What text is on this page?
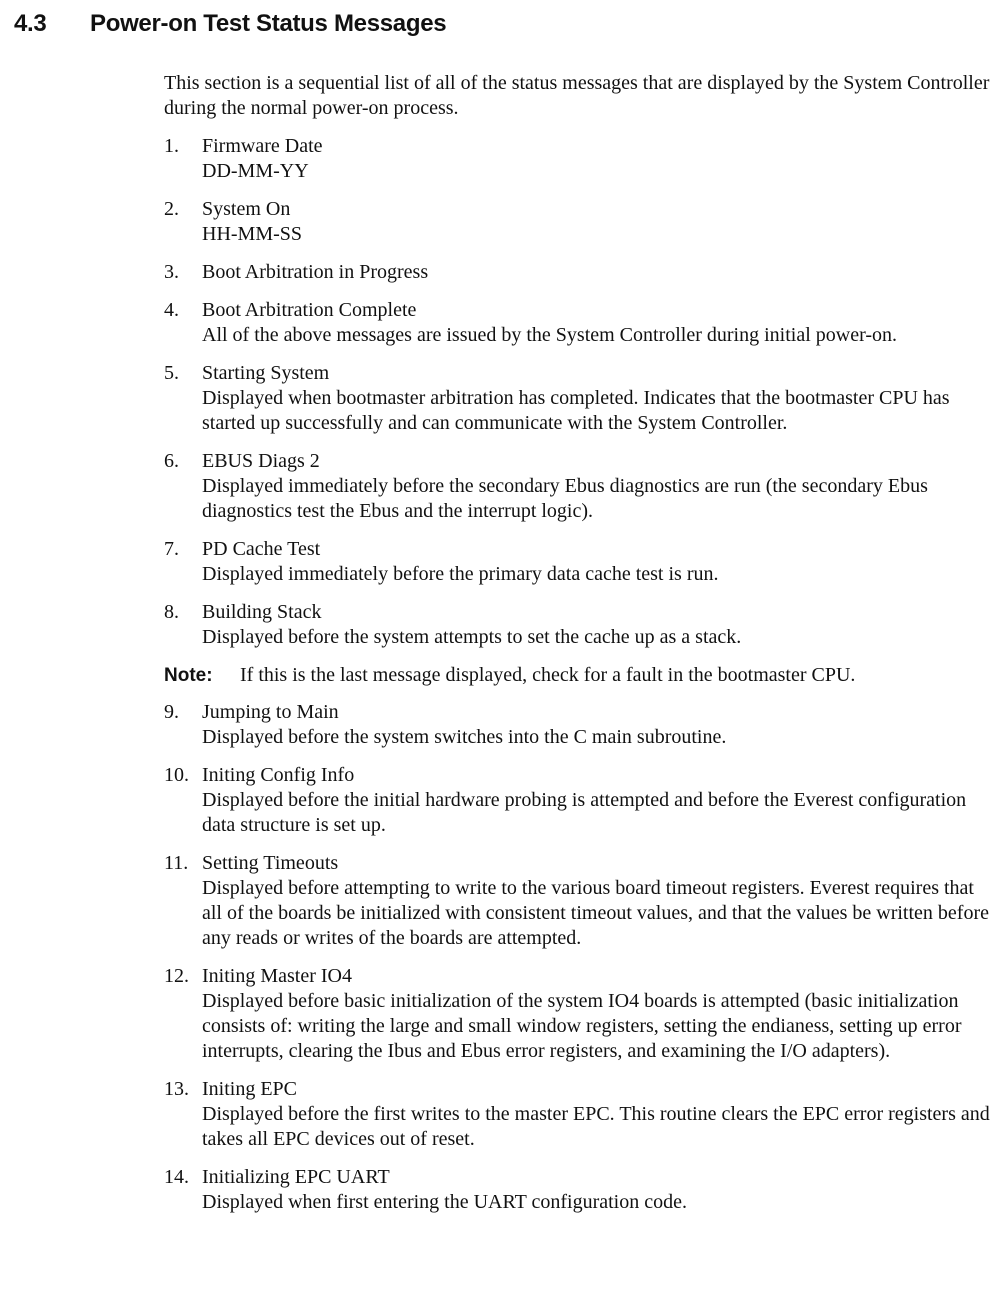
4.3 Power-on Test Status Messages

This section is a sequential list of all of the status messages that are displayed by the System Controller during the normal power-on process.

1. Firmware Date
DD-MM-YY
2. System On
HH-MM-SS
3. Boot Arbitration in Progress
4. Boot Arbitration Complete
All of the above messages are issued by the System Controller during initial power-on.
5. Starting System
Displayed when bootmaster arbitration has completed. Indicates that the bootmaster CPU has started up successfully and can communicate with the System Controller.
6. EBUS Diags 2
Displayed immediately before the secondary Ebus diagnostics are run (the secondary Ebus diagnostics test the Ebus and the interrupt logic).
7. PD Cache Test
Displayed immediately before the primary data cache test is run.
8. Building Stack
Displayed before the system attempts to set the cache up as a stack.

Note: If this is the last message displayed, check for a fault in the bootmaster CPU.

9. Jumping to Main
Displayed before the system switches into the C main subroutine.
10. Initing Config Info
Displayed before the initial hardware probing is attempted and before the Everest configuration data structure is set up.
11. Setting Timeouts
Displayed before attempting to write to the various board timeout registers. Everest requires that all of the boards be initialized with consistent timeout values, and that the values be written before any reads or writes of the boards are attempted.
12. Initing Master IO4
Displayed before basic initialization of the system IO4 boards is attempted (basic initialization consists of: writing the large and small window registers, setting the endianess, setting up error interrupts, clearing the Ibus and Ebus error registers, and examining the I/O adapters).
13. Initing EPC
Displayed before the first writes to the master EPC. This routine clears the EPC error registers and takes all EPC devices out of reset.
14. Initializing EPC UART
Displayed when first entering the UART configuration code.
